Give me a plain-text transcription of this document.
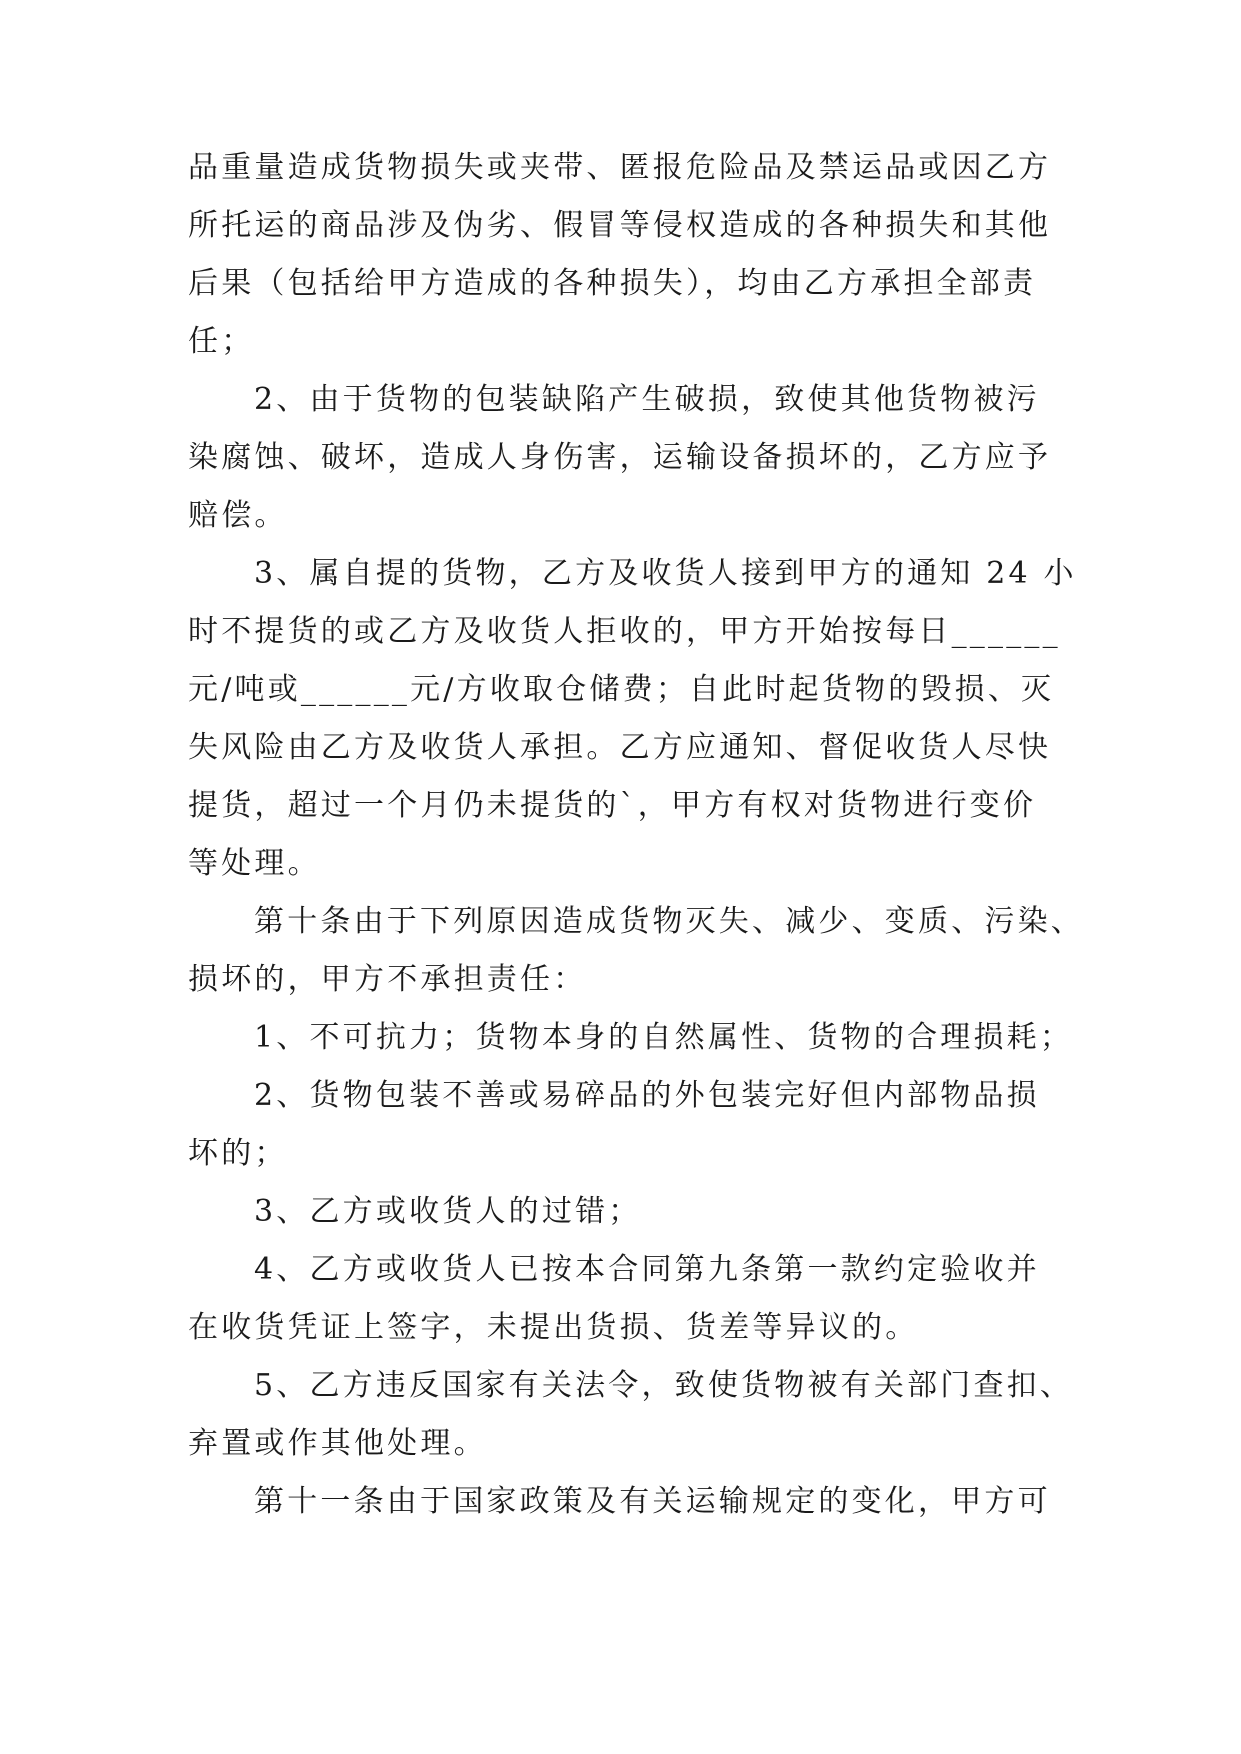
品重量造成货物损失或夹带、匿报危险品及禁运品或因乙方
所托运的商品涉及伪劣、假冒等侵权造成的各种损失和其他
后果（包括给甲方造成的各种损失），均由乙方承担全部责
任；
2、由于货物的包装缺陷产生破损，致使其他货物被污
染腐蚀、破坏，造成人身伤害，运输设备损坏的，乙方应予
赔偿。
3、属自提的货物，乙方及收货人接到甲方的通知 24 小
时不提货的或乙方及收货人拒收的，甲方开始按每日______
元/吨或______元/方收取仓储费；自此时起货物的毁损、灭
失风险由乙方及收货人承担。乙方应通知、督促收货人尽快
提货，超过一个月仍未提货的`，甲方有权对货物进行变价
等处理。
第十条由于下列原因造成货物灭失、减少、变质、污染、
损坏的，甲方不承担责任：
1、不可抗力；货物本身的自然属性、货物的合理损耗；
2、货物包装不善或易碎品的外包装完好但内部物品损
坏的；
3、乙方或收货人的过错；
4、乙方或收货人已按本合同第九条第一款约定验收并
在收货凭证上签字，未提出货损、货差等异议的。
5、乙方违反国家有关法令，致使货物被有关部门查扣、
弃置或作其他处理。
第十一条由于国家政策及有关运输规定的变化，甲方可
